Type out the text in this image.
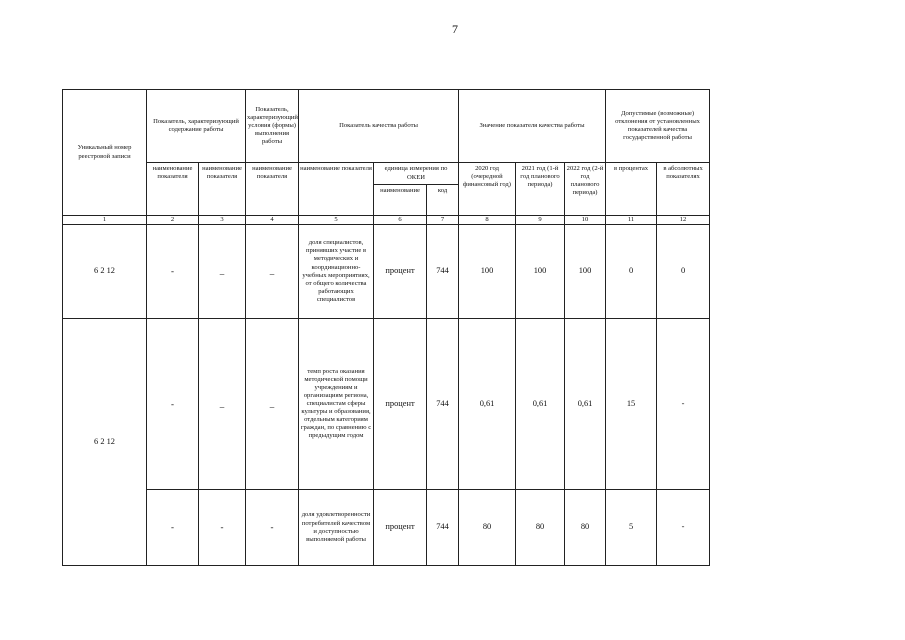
7
Уникальный номер реестровой записи	Показатель, характеризующий содержание работы		Показатель, характеризующий условия (формы) выполнения работы	Показатель качества работы			Значение показателя качества работы			Допустимые (возможные) отклонения от установленных показателей качества государственной работы	
	наименование показателя	наименование показателя	наименование показателя	наименование показателя	единица измерения по ОКЕИ		2020 год (очередной финансовый год)	2021 год (1-й год планового периода)	2022 год (2-й год планового периода)	в процентах	в абсолютных показателях
					наименование	код					
1	2	3	4	5	6	7	8	9	10	11	12
6 2 12	-	_	_	доля специалистов, принявших участие в методических и координационно-учебных мероприятиях, от общего количества работающих специалистов	процент	744	100	100	100	0	0
6 2 12	-	_	_	темп роста оказания методической помощи учреждениям и организациям региона, специалистам сферы культуры и образования, отдельным категориям граждан, по сравнению с предыдущим годом	процент	744	0,61	0,61	0,61	15	-
	-	-	-	доля удовлетворенности потребителей качеством и доступностью выполняемой работы	процент	744	80	80	80	5	-
